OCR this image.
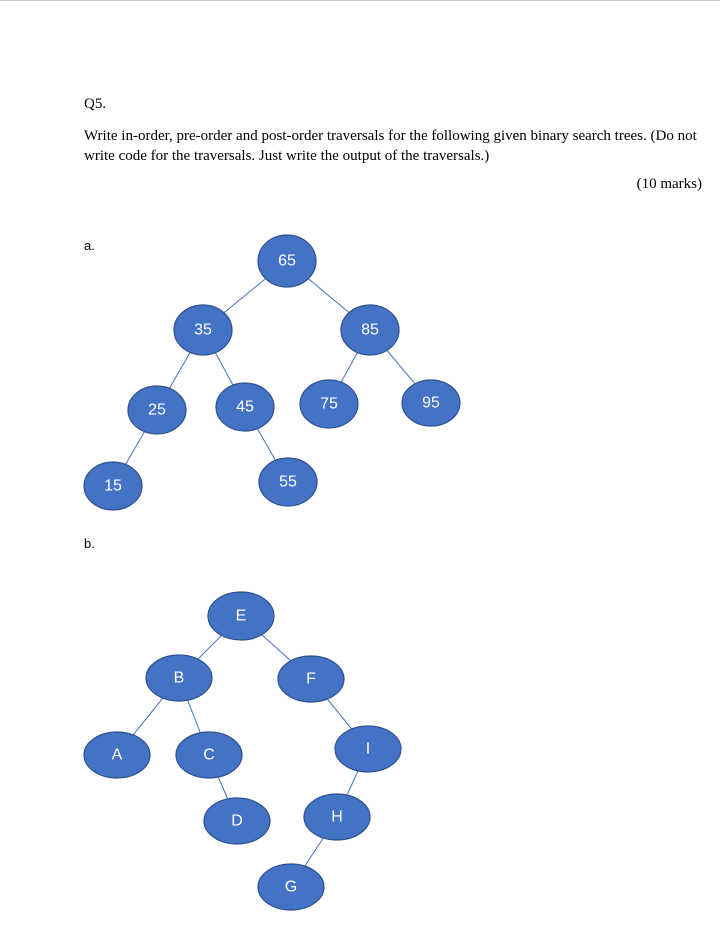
Q5.
Write in-order, pre-order and post-order traversals for the following given binary search trees. (Do not write code for the traversals. Just write the output of the traversals.)
(10 marks)
a.
b.
65
35	85
25	45	75	95
15	55
E
B	F
A	C	I
D	H
G
